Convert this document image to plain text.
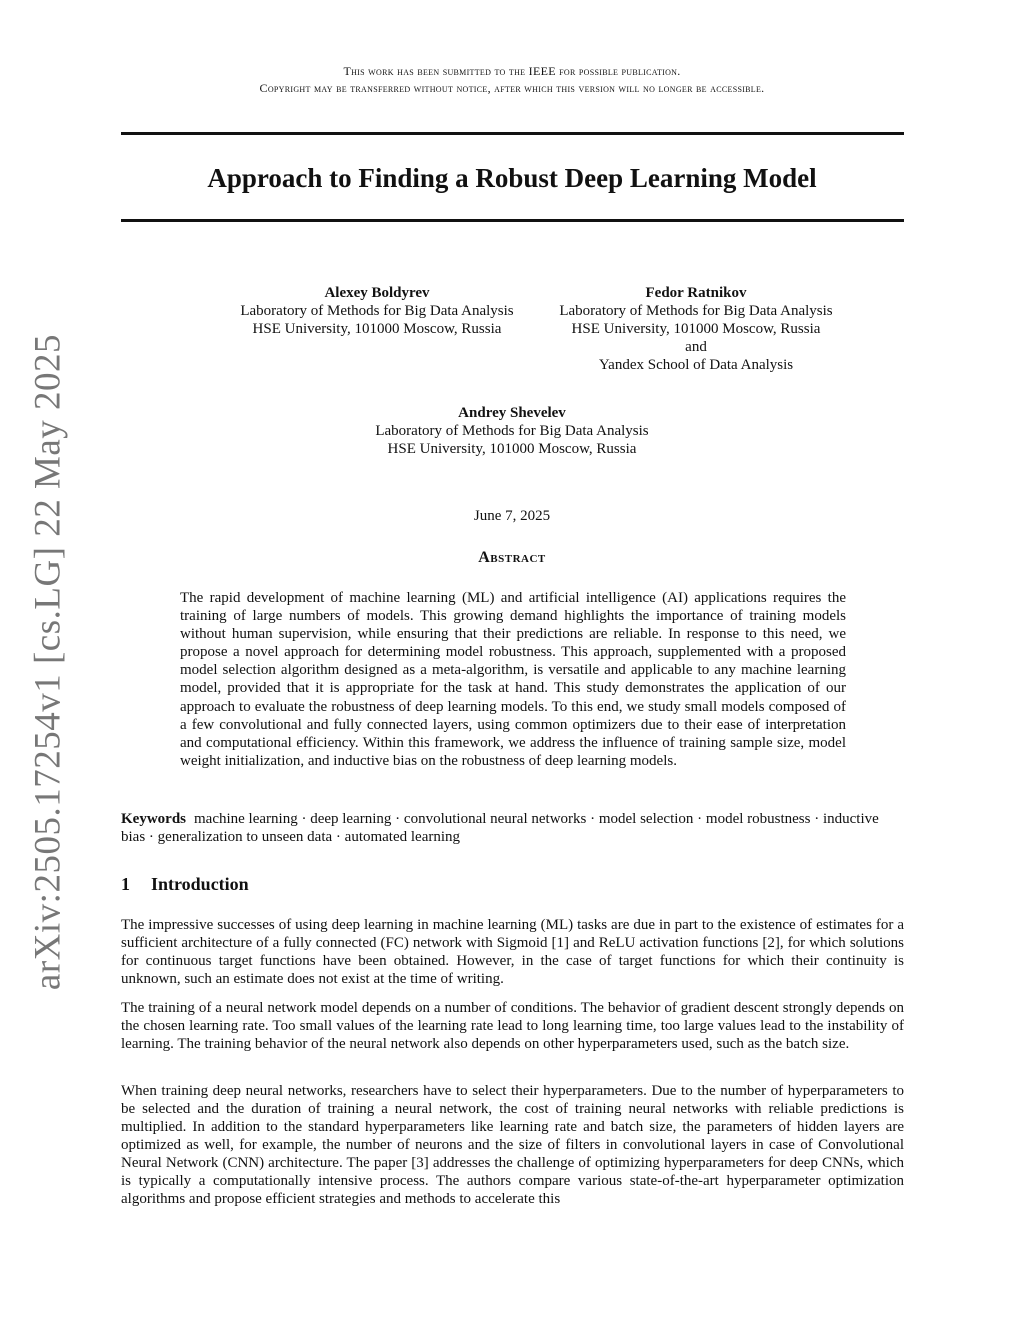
This work has been submitted to the IEEE for possible publication.
Copyright may be transferred without notice, after which this version will no longer be accessible.
Approach to Finding a Robust Deep Learning Model
Alexey Boldyrev
Laboratory of Methods for Big Data Analysis
HSE University, 101000 Moscow, Russia
Fedor Ratnikov
Laboratory of Methods for Big Data Analysis
HSE University, 101000 Moscow, Russia
and
Yandex School of Data Analysis
Andrey Shevelev
Laboratory of Methods for Big Data Analysis
HSE University, 101000 Moscow, Russia
June 7, 2025
Abstract
The rapid development of machine learning (ML) and artificial intelligence (AI) applications requires the training of large numbers of models. This growing demand highlights the importance of training models without human supervision, while ensuring that their predictions are reliable. In response to this need, we propose a novel approach for determining model robustness. This approach, supplemented with a proposed model selection algorithm designed as a meta-algorithm, is versatile and applicable to any machine learning model, provided that it is appropriate for the task at hand. This study demonstrates the application of our approach to evaluate the robustness of deep learning models. To this end, we study small models composed of a few convolutional and fully connected layers, using common optimizers due to their ease of interpretation and computational efficiency. Within this framework, we address the influence of training sample size, model weight initialization, and inductive bias on the robustness of deep learning models.
Keywords machine learning · deep learning · convolutional neural networks · model selection · model robustness · inductive bias · generalization to unseen data · automated learning
1 Introduction

The impressive successes of using deep learning in machine learning (ML) tasks are due in part to the existence of estimates for a sufficient architecture of a fully connected (FC) network with Sigmoid [1] and ReLU activation functions [2], for which solutions for continuous target functions have been obtained. However, in the case of target functions for which their continuity is unknown, such an estimate does not exist at the time of writing.

The training of a neural network model depends on a number of conditions. The behavior of gradient descent strongly depends on the chosen learning rate. Too small values of the learning rate lead to long learning time, too large values lead to the instability of learning. The training behavior of the neural network also depends on other hyperparameters used, such as the batch size.

When training deep neural networks, researchers have to select their hyperparameters. Due to the number of hyperparameters to be selected and the duration of training a neural network, the cost of training neural networks with reliable predictions is multiplied. In addition to the standard hyperparameters like learning rate and batch size, the parameters of hidden layers are optimized as well, for example, the number of neurons and the size of filters in convolutional layers in case of Convolutional Neural Network (CNN) architecture. The paper [3] addresses the challenge of optimizing hyperparameters for deep CNNs, which is typically a computationally intensive process. The authors compare various state-of-the-art hyperparameter optimization algorithms and propose efficient strategies and methods to accelerate this

arXiv:2505.17254v1 [cs.LG] 22 May 2025
